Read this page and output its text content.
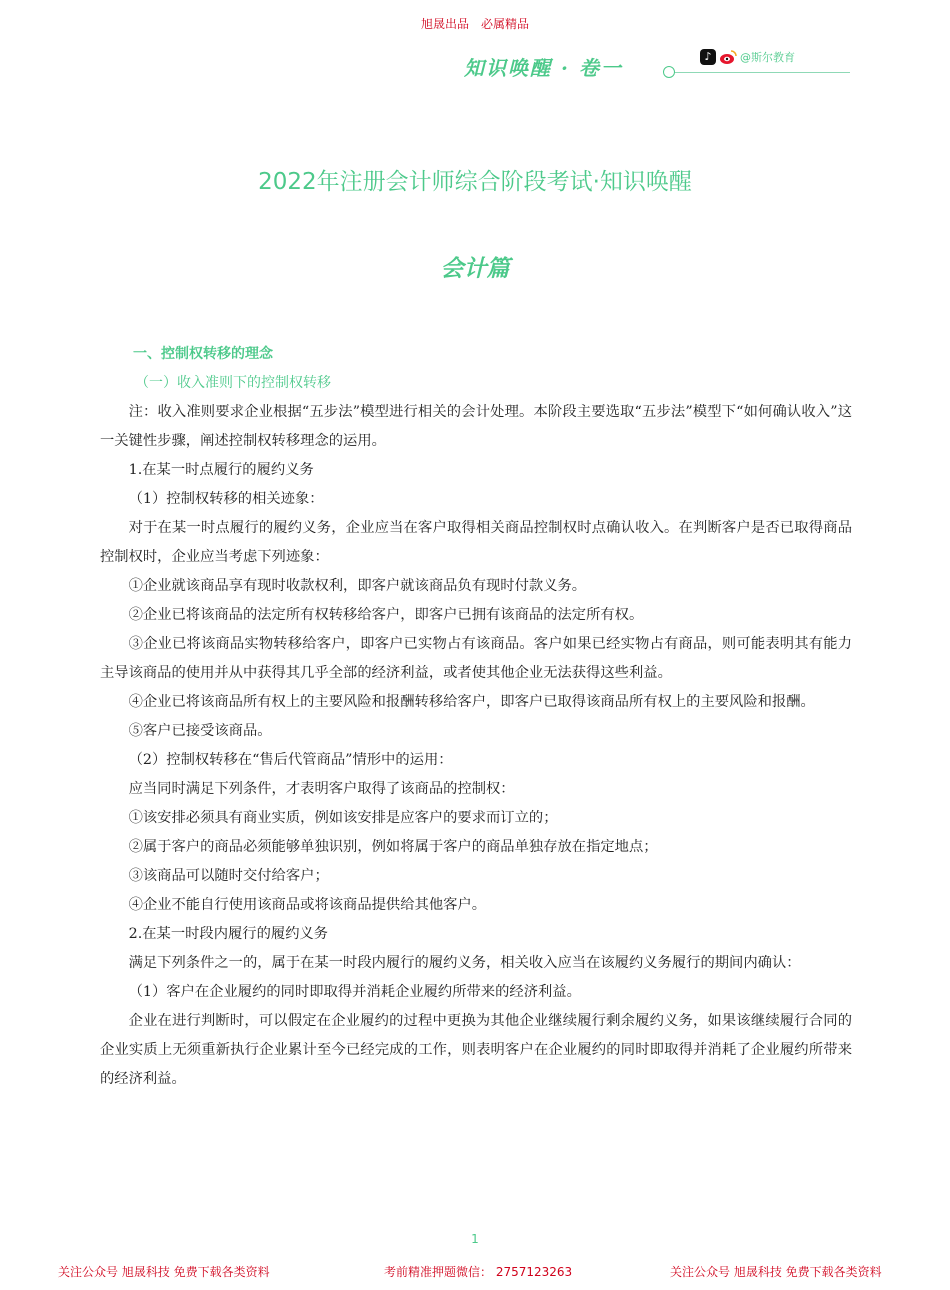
旭晟出品　必属精品
知识唤醒 · 卷一	♪	@斯尔教育
2022年注册会计师综合阶段考试·知识唤醒
会计篇
一、控制权转移的理念
（一）收入准则下的控制权转移

注：收入准则要求企业根据“五步法”模型进行相关的会计处理。本阶段主要选取“五步法”模型下“如何确认收入”这一关键性步骤，阐述控制权转移理念的运用。

1.在某一时点履行的履约义务

（1）控制权转移的相关迹象：

对于在某一时点履行的履约义务，企业应当在客户取得相关商品控制权时点确认收入。在判断客户是否已取得商品控制权时，企业应当考虑下列迹象：

①企业就该商品享有现时收款权利，即客户就该商品负有现时付款义务。

②企业已将该商品的法定所有权转移给客户，即客户已拥有该商品的法定所有权。

③企业已将该商品实物转移给客户，即客户已实物占有该商品。客户如果已经实物占有商品，则可能表明其有能力主导该商品的使用并从中获得其几乎全部的经济利益，或者使其他企业无法获得这些利益。

④企业已将该商品所有权上的主要风险和报酬转移给客户，即客户已取得该商品所有权上的主要风险和报酬。

⑤客户已接受该商品。

（2）控制权转移在“售后代管商品”情形中的运用：

应当同时满足下列条件，才表明客户取得了该商品的控制权：

①该安排必须具有商业实质，例如该安排是应客户的要求而订立的；

②属于客户的商品必须能够单独识别，例如将属于客户的商品单独存放在指定地点；

③该商品可以随时交付给客户；

④企业不能自行使用该商品或将该商品提供给其他客户。

2.在某一时段内履行的履约义务

满足下列条件之一的，属于在某一时段内履行的履约义务，相关收入应当在该履约义务履行的期间内确认：

（1）客户在企业履约的同时即取得并消耗企业履约所带来的经济利益。

企业在进行判断时，可以假定在企业履约的过程中更换为其他企业继续履行剩余履约义务，如果该继续履行合同的企业实质上无须重新执行企业累计至今已经完成的工作，则表明客户在企业履约的同时即取得并消耗了企业履约所带来的经济利益。

1
关注公众号 旭晟科技 免费下载各类资料	考前精准押题微信： 2757123263	关注公众号 旭晟科技 免费下载各类资料
